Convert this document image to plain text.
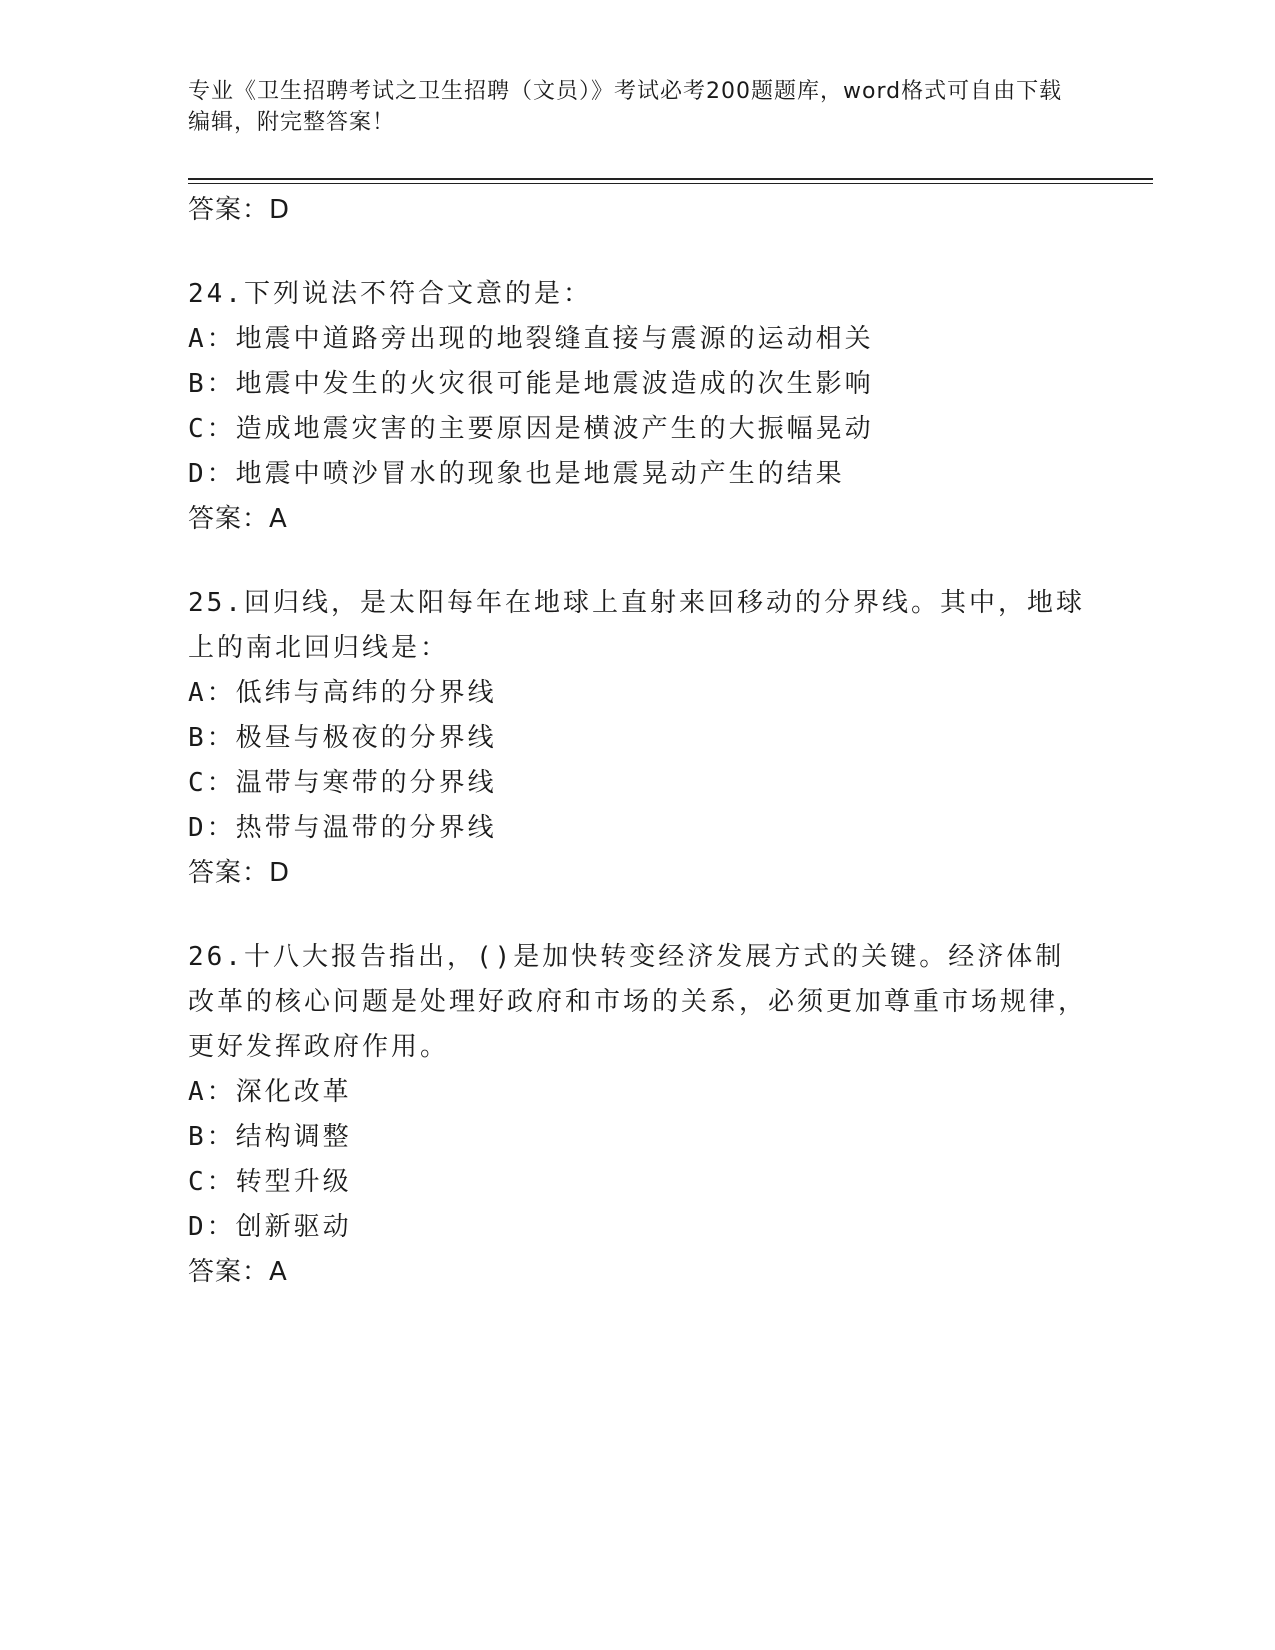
专业《卫生招聘考试之卫生招聘（文员）》考试必考200题题库，word格式可自由下载编辑，附完整答案！
答案：D
24.下列说法不符合文意的是：
A：地震中道路旁出现的地裂缝直接与震源的运动相关
B：地震中发生的火灾很可能是地震波造成的次生影响
C：造成地震灾害的主要原因是横波产生的大振幅晃动
D：地震中喷沙冒水的现象也是地震晃动产生的结果
答案：A
25.回归线，是太阳每年在地球上直射来回移动的分界线。其中，地球上的南北回归线是：
A：低纬与高纬的分界线
B：极昼与极夜的分界线
C：温带与寒带的分界线
D：热带与温带的分界线
答案：D
26.十八大报告指出，()是加快转变经济发展方式的关键。经济体制改革的核心问题是处理好政府和市场的关系，必须更加尊重市场规律，更好发挥政府作用。
A：深化改革
B：结构调整
C：转型升级
D：创新驱动
答案：A
